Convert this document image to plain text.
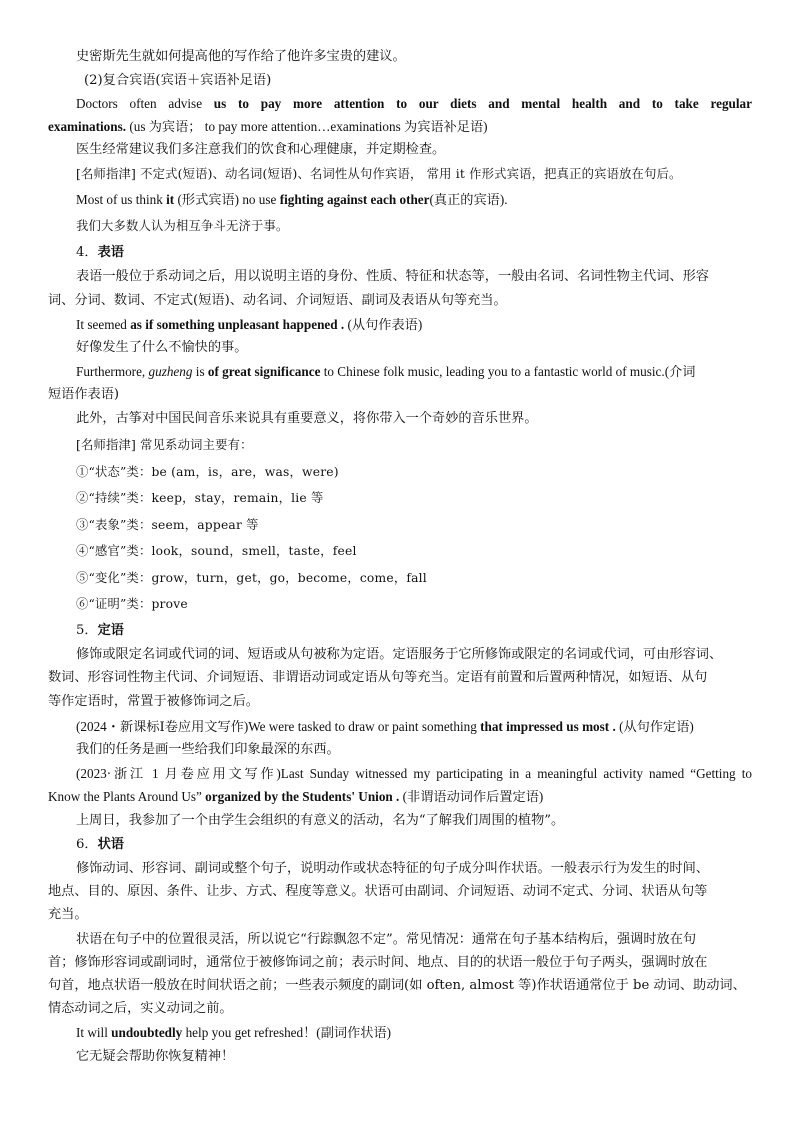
史密斯先生就如何提高他的写作给了他许多宝贵的建议。
(2)复合宾语(宾语＋宾语补足语)
Doctors often advise us to pay more attention to our diets and mental health and to take regular
examinations. (us 为宾语； to pay more attention…examinations 为宾语补足语)
医生经常建议我们多注意我们的饮食和心理健康，并定期检查。
[名师指津] 不定式(短语)、动名词(短语)、名词性从句作宾语， 常用 it 作形式宾语，把真正的宾语放在句后。
Most of us think it (形式宾语) no use fighting against each other(真正的宾语).
我们大多数人认为相互争斗无济于事。
4．表语
表语一般位于系动词之后，用以说明主语的身份、性质、特征和状态等，一般由名词、名词性物主代词、形容
词、分词、数词、不定式(短语)、动名词、介词短语、副词及表语从句等充当。
It seemed as if something unpleasant happened . (从句作表语)
好像发生了什么不愉快的事。
Furthermore, guzheng is of great significance to Chinese folk music, leading you to a fantastic world of music.(介词
短语作表语)
此外，古筝对中国民间音乐来说具有重要意义，将你带入一个奇妙的音乐世界。
[名师指津] 常见系动词主要有：
①“状态”类：be (am，is，are，was，were)
②“持续”类：keep，stay，remain，lie 等
③“表象”类：seem，appear 等
④“感官”类：look，sound，smell，taste，feel
⑤“变化”类：grow，turn，get，go，become，come，fall
⑥“证明”类：prove
5．定语
修饰或限定名词或代词的词、短语或从句被称为定语。定语服务于它所修饰或限定的名词或代词，可由形容词、
数词、形容词性物主代词、介词短语、非谓语动词或定语从句等充当。定语有前置和后置两种情况，如短语、从句
等作定语时，常置于被修饰词之后。
(2024・新课标Ⅰ卷应用文写作)We were tasked to draw or paint something that impressed us most . (从句作定语)
我们的任务是画一些给我们印象最深的东西。
(2023·浙江 1 月卷应用文写作)Last Sunday witnessed my participating in a meaningful activity named “Getting to
Know the Plants Around Us” organized by the Students' Union . (非谓语动词作后置定语)
上周日，我参加了一个由学生会组织的有意义的活动，名为“了解我们周围的植物”。
6．状语
修饰动词、形容词、副词或整个句子，说明动作或状态特征的句子成分叫作状语。一般表示行为发生的时间、
地点、目的、原因、条件、让步、方式、程度等意义。状语可由副词、介词短语、动词不定式、分词、状语从句等
充当。
状语在句子中的位置很灵活，所以说它“行踪飘忽不定”。常见情况：通常在句子基本结构后，强调时放在句
首；修饰形容词或副词时，通常位于被修饰词之前；表示时间、地点、目的的状语一般位于句子两头，强调时放在
句首，地点状语一般放在时间状语之前；一些表示频度的副词(如 often, almost 等)作状语通常位于 be 动词、助动词、
情态动词之后，实义动词之前。
It will undoubtedly help you get refreshed！(副词作状语)
它无疑会帮助你恢复精神！
